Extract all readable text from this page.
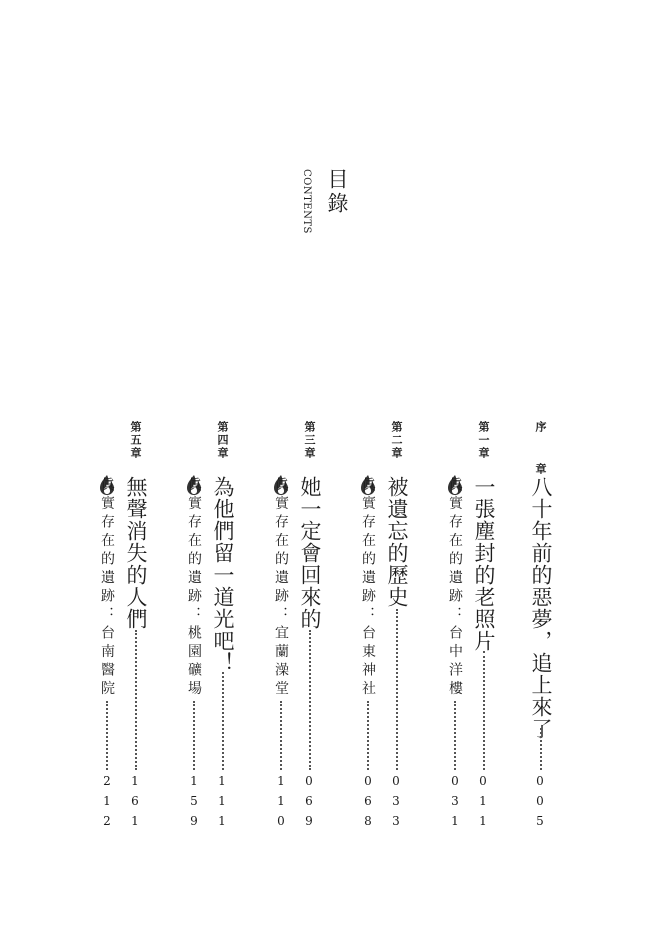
目錄
CONTENTS
序 章
八十年前的惡夢，追上來了
005
第一章
一張塵封的老照片
011
眞實存在的遺跡：台中洋樓
031
第二章
被遺忘的歷史
033
眞實存在的遺跡：台東神社
068
第三章
她一定會回來的
069
眞實存在的遺跡：宜蘭澡堂
110
第四章
為他們留一道光吧！
111
眞實存在的遺跡：桃園礦場
159
第五章
無聲消失的人們
161
眞實存在的遺跡：台南醫院
212
